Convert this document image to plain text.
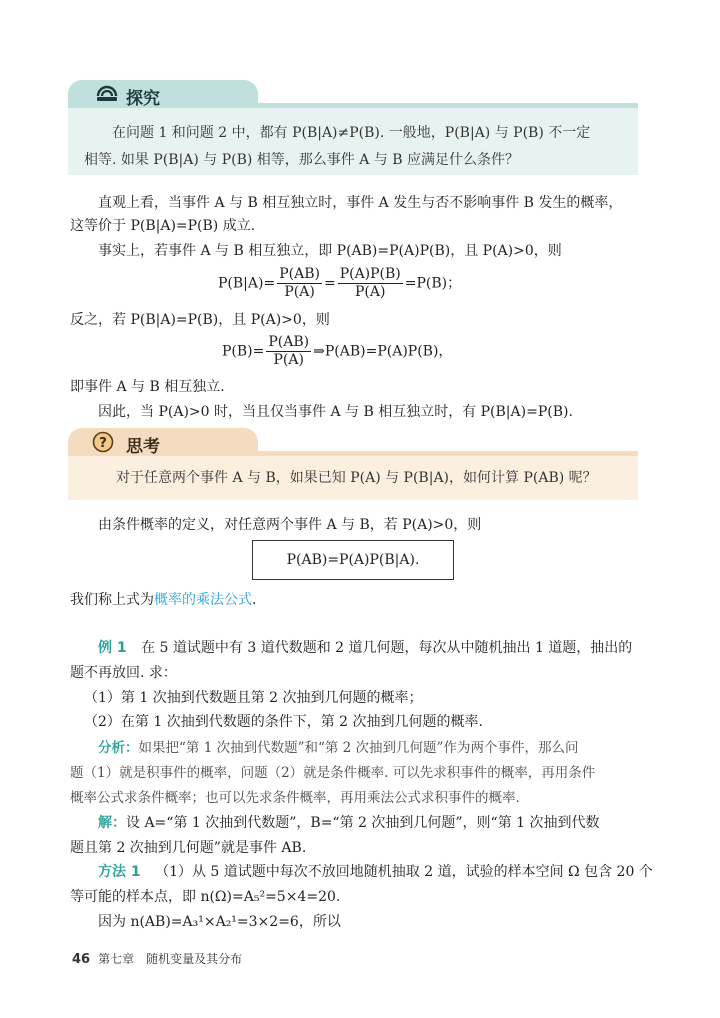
探究
在问题 1 和问题 2 中，都有 P(B|A)≠P(B). 一般地，P(B|A) 与 P(B) 不一定
相等. 如果 P(B|A) 与 P(B) 相等，那么事件 A 与 B 应满足什么条件？
直观上看，当事件 A 与 B 相互独立时，事件 A 发生与否不影响事件 B 发生的概率，
这等价于 P(B|A)=P(B) 成立.
事实上，若事件 A 与 B 相互独立，即 P(AB)=P(A)P(B)，且 P(A)>0，则
$P(B|A)= \frac{P(AB)}{P(A)} = \frac{P(A)P(B)}{P(A)} =P(B)$；
反之，若 P(B|A)=P(B)，且 P(A)>0，则
$P(B)= \frac{P(AB)}{P(A)}$ ⇒P(AB)=P(A)P(B)，
即事件 A 与 B 相互独立.
因此，当 P(A)>0 时，当且仅当事件 A 与 B 相互独立时，有 P(B|A)=P(B).
? 思考
对于任意两个事件 A 与 B，如果已知 P(A) 与 P(B|A)，如何计算 P(AB) 呢？
由条件概率的定义，对任意两个事件 A 与 B，若 P(A)>0，则
P(AB)=P(A)P(B|A).
我们称上式为概率的乘法公式.
例 1 在 5 道试题中有 3 道代数题和 2 道几何题，每次从中随机抽出 1 道题，抽出的
题不再放回. 求：
（1）第 1 次抽到代数题且第 2 次抽到几何题的概率；
（2）在第 1 次抽到代数题的条件下，第 2 次抽到几何题的概率.
分析：如果把“第 1 次抽到代数题”和“第 2 次抽到几何题”作为两个事件，那么问
题（1）就是积事件的概率，问题（2）就是条件概率. 可以先求积事件的概率，再用条件
概率公式求条件概率；也可以先求条件概率，再用乘法公式求积事件的概率.
解：设 A=“第 1 次抽到代数题”，B=“第 2 次抽到几何题”，则“第 1 次抽到代数
题且第 2 次抽到几何题”就是事件 AB.
方法 1 （1）从 5 道试题中每次不放回地随机抽取 2 道，试验的样本空间 Ω 包含 20 个
等可能的样本点，即 n(Ω)=A₅²=5×4=20.
因为 n(AB)=A₃¹×A₂¹=3×2=6，所以
46 第七章　随机变量及其分布
